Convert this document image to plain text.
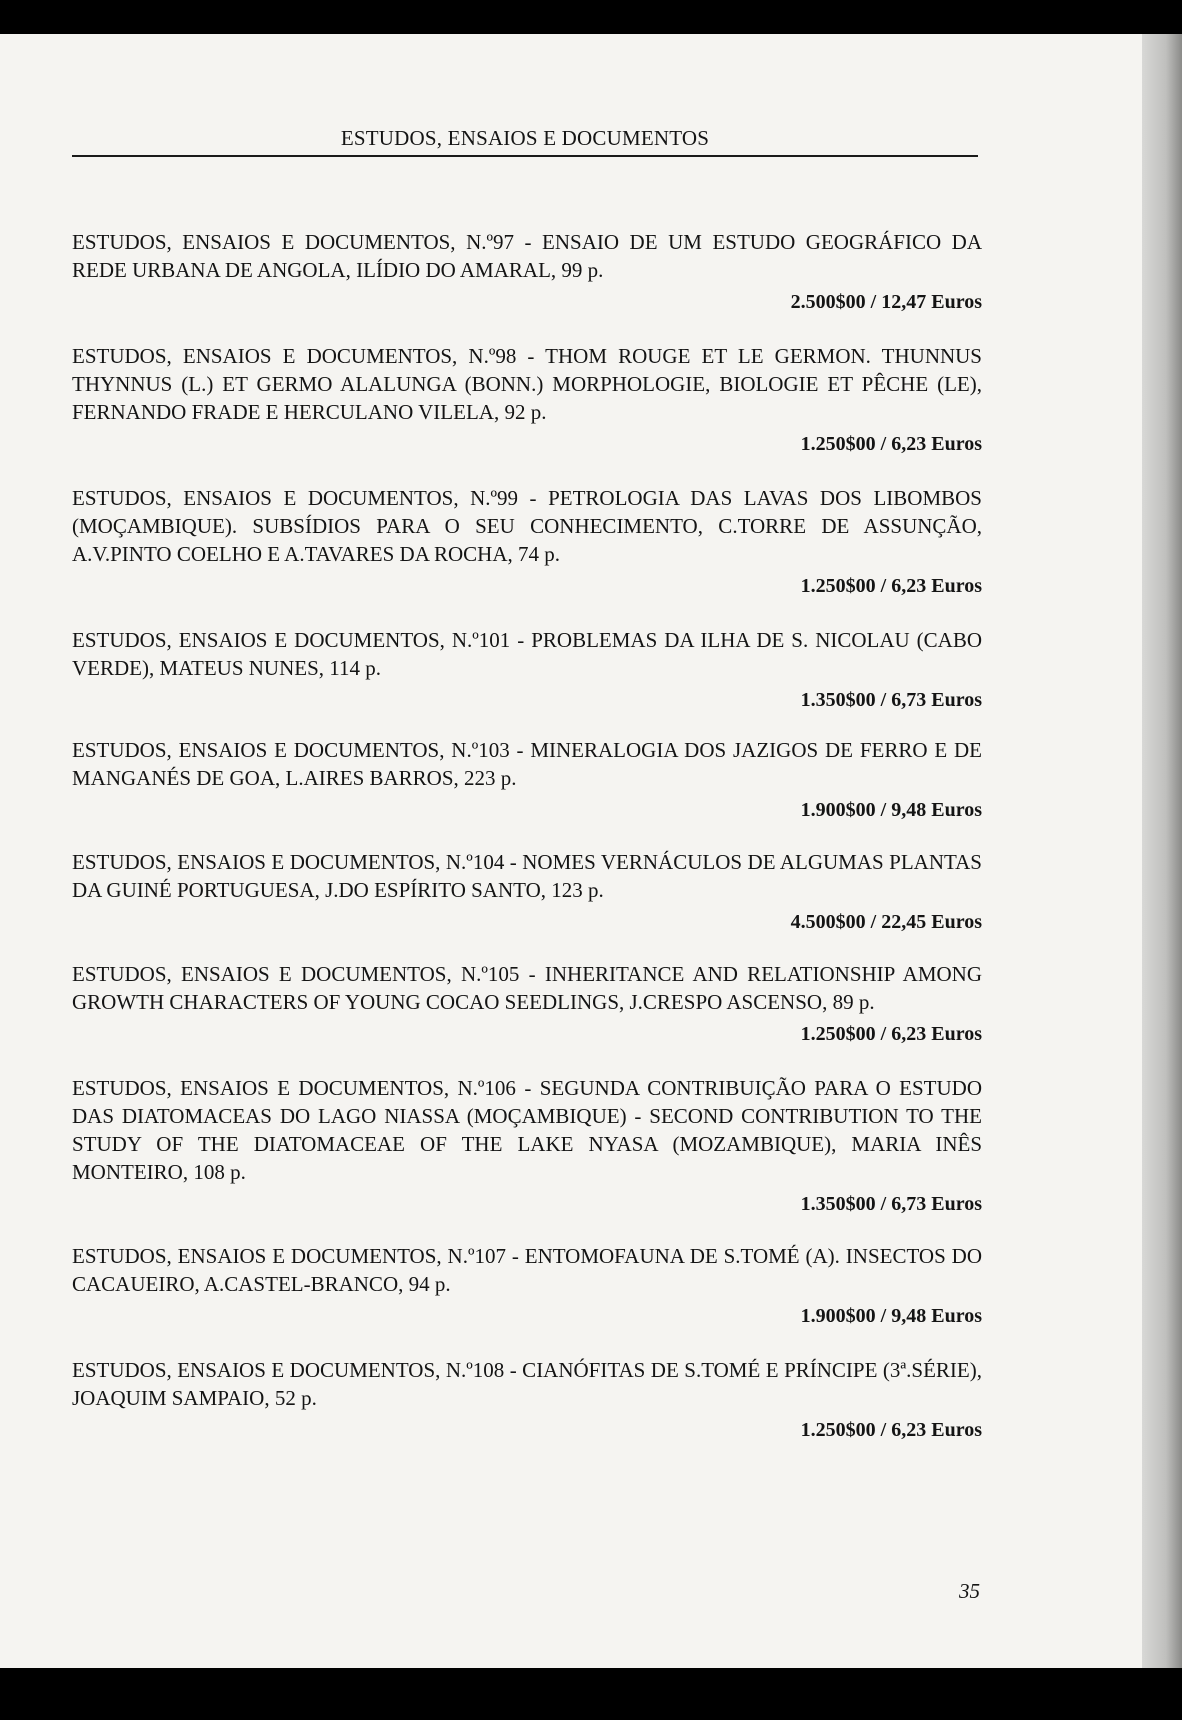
ESTUDOS, ENSAIOS E DOCUMENTOS

ESTUDOS, ENSAIOS E DOCUMENTOS, N.º97 - ENSAIO DE UM ESTUDO GEOGRÁFICO DA REDE URBANA DE ANGOLA, ILÍDIO DO AMARAL, 99 p.

2.500$00 / 12,47 Euros

ESTUDOS, ENSAIOS E DOCUMENTOS, N.º98 - THOM ROUGE ET LE GERMON. THUNNUS THYNNUS (L.) ET GERMO ALALUNGA (BONN.) MORPHOLOGIE, BIOLOGIE ET PÊCHE (LE), FERNANDO FRADE E HERCULANO VILELA, 92 p.

1.250$00 / 6,23 Euros

ESTUDOS, ENSAIOS E DOCUMENTOS, N.º99 - PETROLOGIA DAS LAVAS DOS LIBOMBOS (MOÇAMBIQUE). SUBSÍDIOS PARA O SEU CONHECIMENTO, C.TORRE DE ASSUNÇÃO, A.V.PINTO COELHO E A.TAVARES DA ROCHA, 74 p.

1.250$00 / 6,23 Euros

ESTUDOS, ENSAIOS E DOCUMENTOS, N.º101 - PROBLEMAS DA ILHA DE S. NICOLAU (CABO VERDE), MATEUS NUNES, 114 p.

1.350$00 / 6,73 Euros

ESTUDOS, ENSAIOS E DOCUMENTOS, N.º103 - MINERALOGIA DOS JAZIGOS DE FERRO E DE MANGANÉS DE GOA, L.AIRES BARROS, 223 p.

1.900$00 / 9,48 Euros

ESTUDOS, ENSAIOS E DOCUMENTOS, N.º104 - NOMES VERNÁCULOS DE ALGUMAS PLANTAS DA GUINÉ PORTUGUESA, J.DO ESPÍRITO SANTO, 123 p.

4.500$00 / 22,45 Euros

ESTUDOS, ENSAIOS E DOCUMENTOS, N.º105 - INHERITANCE AND RELATIONSHIP AMONG GROWTH CHARACTERS OF YOUNG COCAO SEEDLINGS, J.CRESPO ASCENSO, 89 p.

1.250$00 / 6,23 Euros

ESTUDOS, ENSAIOS E DOCUMENTOS, N.º106 - SEGUNDA CONTRIBUIÇÃO PARA O ESTUDO DAS DIATOMACEAS DO LAGO NIASSA (MOÇAMBIQUE) - SECOND CONTRIBUTION TO THE STUDY OF THE DIATOMACEAE OF THE LAKE NYASA (MOZAMBIQUE), MARIA INÊS MONTEIRO, 108 p.

1.350$00 / 6,73 Euros

ESTUDOS, ENSAIOS E DOCUMENTOS, N.º107 - ENTOMOFAUNA DE S.TOMÉ (A). INSECTOS DO CACAUEIRO, A.CASTEL-BRANCO, 94 p.

1.900$00 / 9,48 Euros

ESTUDOS, ENSAIOS E DOCUMENTOS, N.º108 - CIANÓFITAS DE S.TOMÉ E PRÍNCIPE (3ª.SÉRIE), JOAQUIM SAMPAIO, 52 p.

1.250$00 / 6,23 Euros

35
